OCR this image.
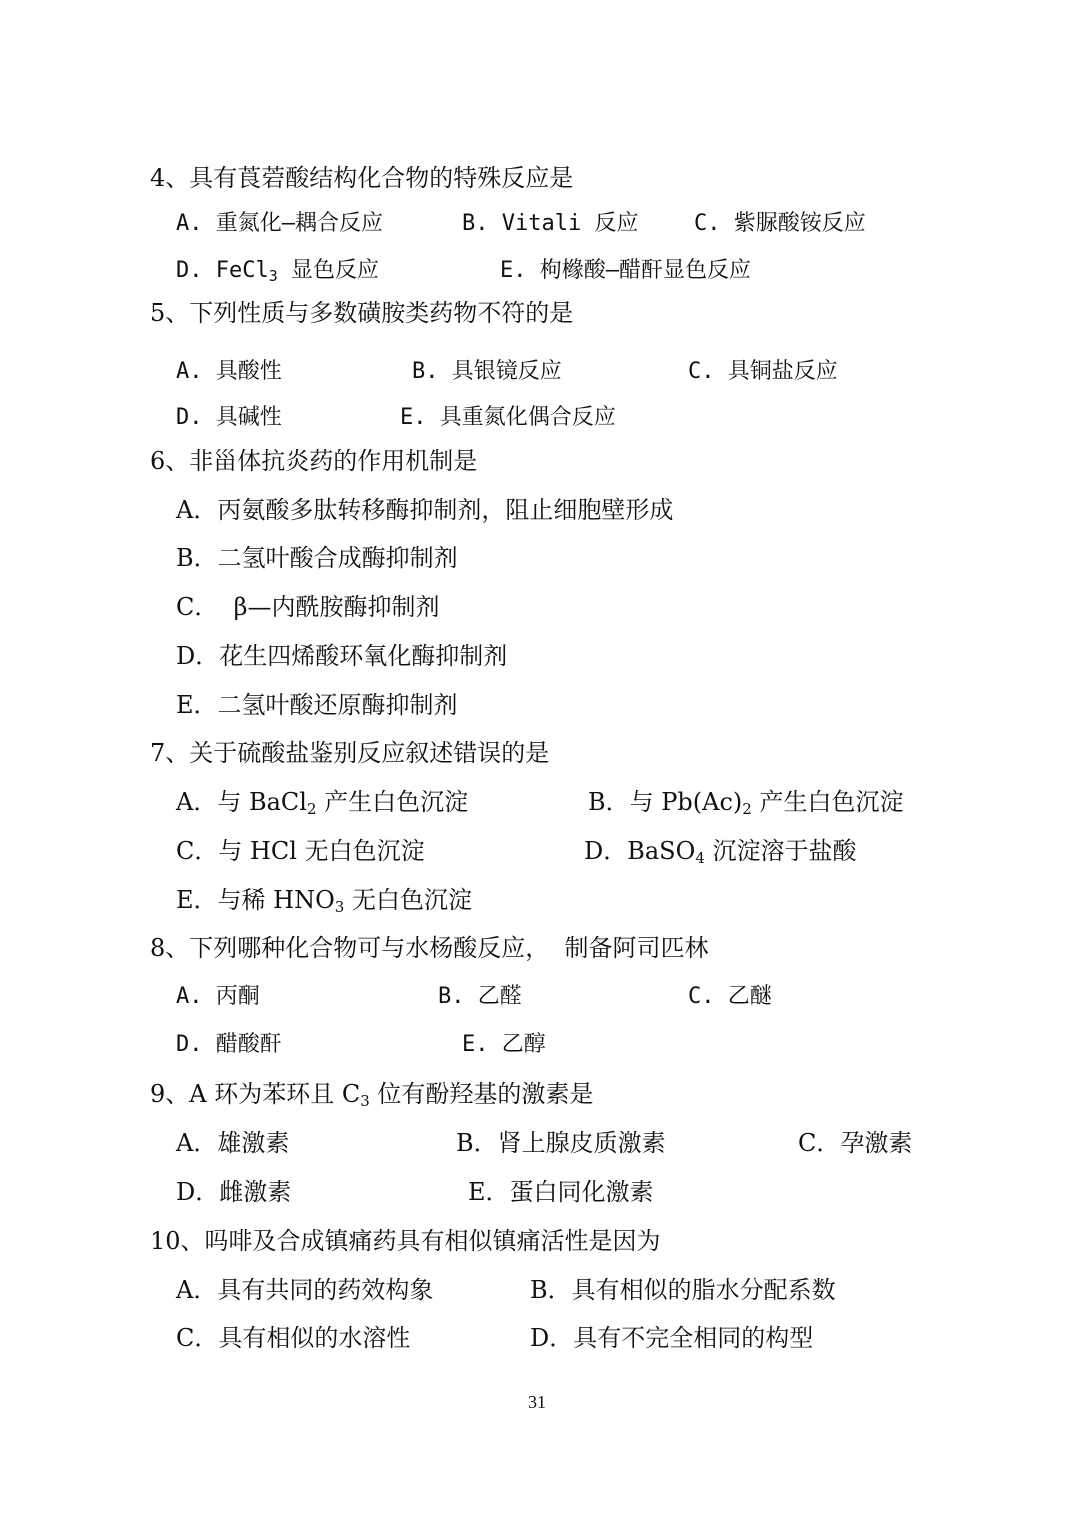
4、具有莨菪酸结构化合物的特殊反应是
A. 重氮化—耦合反应	B. Vitali 反应	C. 紫脲酸铵反应
D. FeCl$_3$ 显色反应	E. 枸橼酸—醋酐显色反应
5、下列性质与多数磺胺类药物不符的是
A. 具酸性	B. 具银镜反应	C. 具铜盐反应
D. 具碱性	E. 具重氮化偶合反应
6、非甾体抗炎药的作用机制是
A．丙氨酸多肽转移酶抑制剂，阻止细胞壁形成
B．二氢叶酸合成酶抑制剂
C．  β—内酰胺酶抑制剂
D．花生四烯酸环氧化酶抑制剂
E．二氢叶酸还原酶抑制剂
7、关于硫酸盐鉴别反应叙述错误的是
A．与 BaCl$_2$ 产生白色沉淀	B．与 $Pb(Ac)_2$ 产生白色沉淀
C．与 HCl 无白色沉淀	D．BaSO$_4$ 沉淀溶于盐酸
E．与稀 $HNO_3$ 无白色沉淀
8、下列哪种化合物可与水杨酸反应，  制备阿司匹林
A. 丙酮	B. 乙醛	C. 乙醚
D. 醋酸酐	E. 乙醇
9、A 环为苯环且 $C_3$ 位有酚羟基的激素是
A．雄激素	B．肾上腺皮质激素	C．孕激素
D．雌激素	E．蛋白同化激素
10、吗啡及合成镇痛药具有相似镇痛活性是因为
A．具有共同的药效构象	B．具有相似的脂水分配系数
C．具有相似的水溶性	D．具有不完全相同的构型
31
